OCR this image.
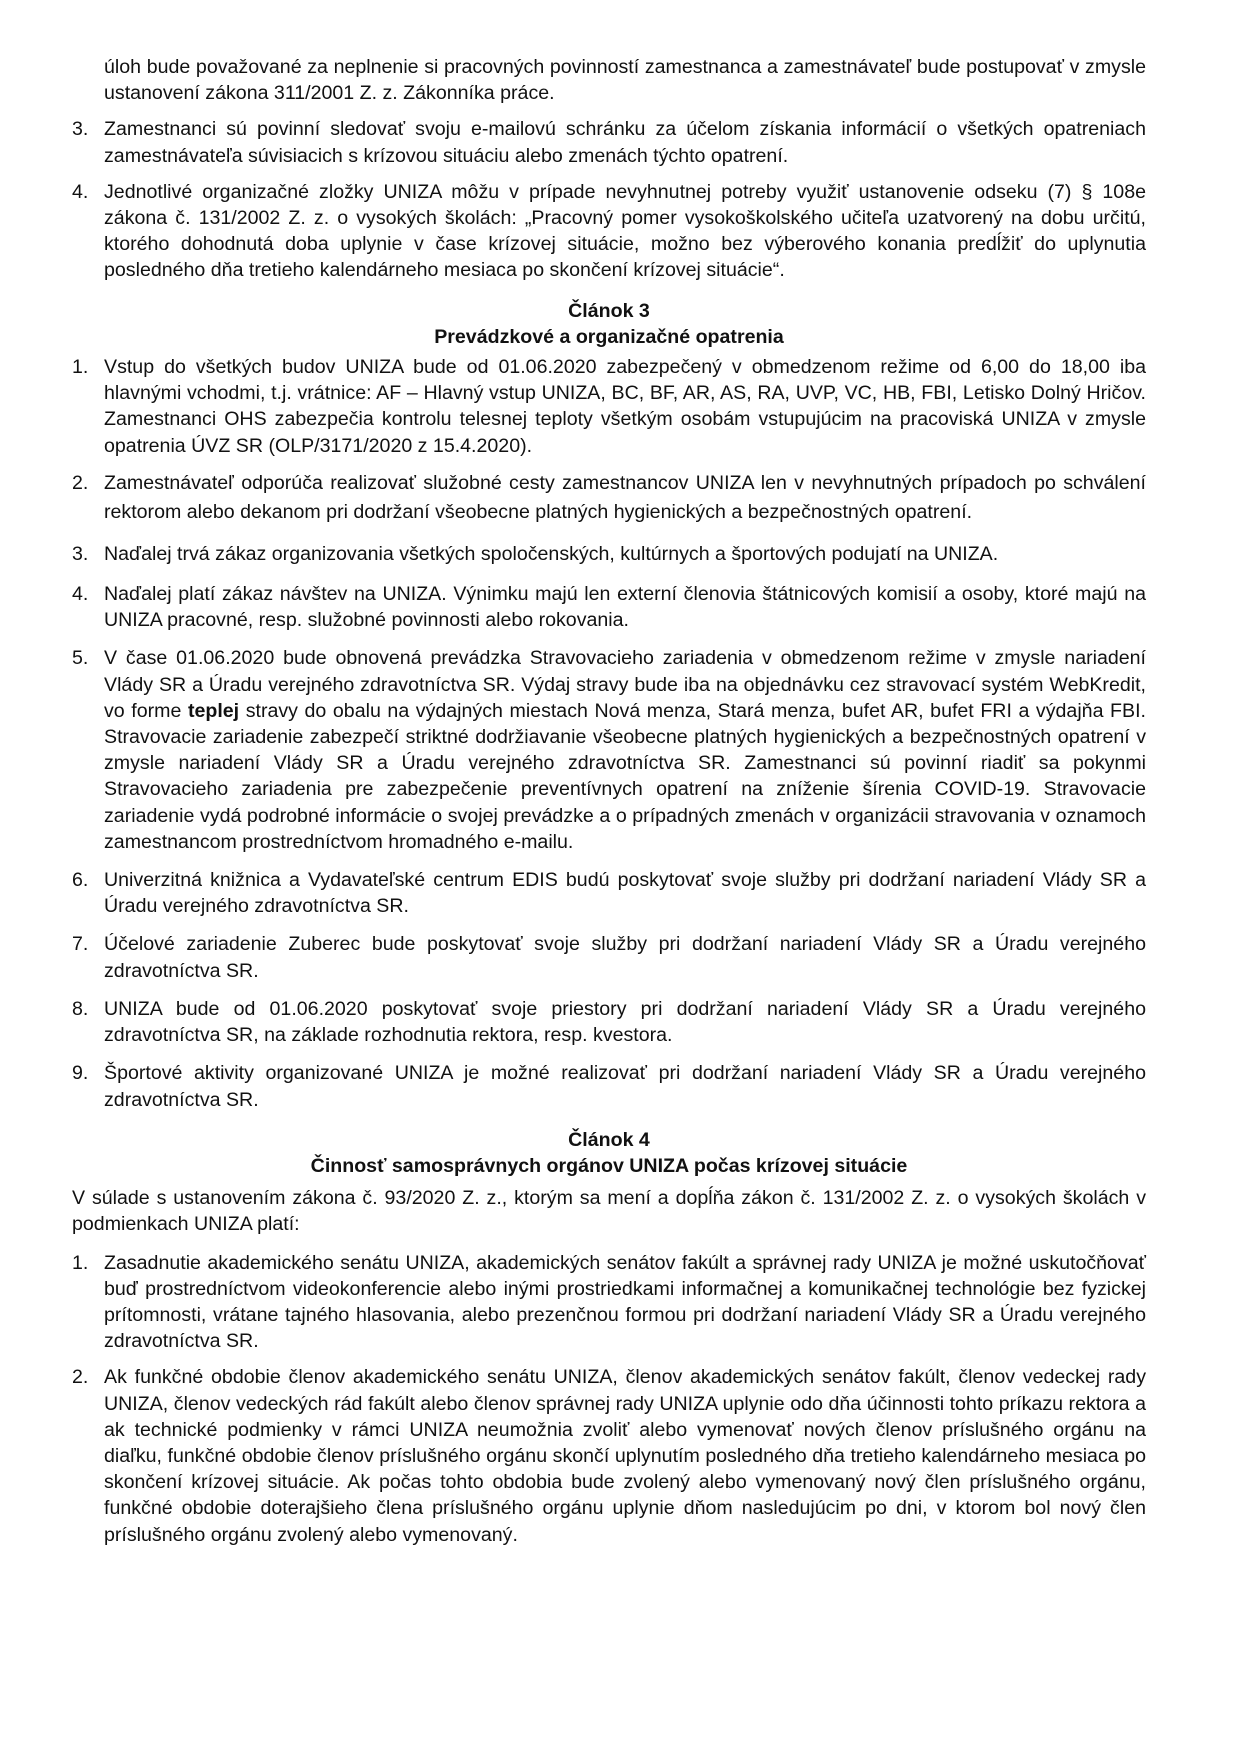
úloh bude považované za neplnenie si pracovných povinností zamestnanca a zamestnávateľ bude postupovať v zmysle ustanovení zákona 311/2001 Z. z. Zákonníka práce.

3. Zamestnanci sú povinní sledovať svoju e-mailovú schránku za účelom získania informácií o všetkých opatreniach zamestnávateľa súvisiacich s krízovou situáciu alebo zmenách týchto opatrení.
4. Jednotlivé organizačné zložky UNIZA môžu v prípade nevyhnutnej potreby využiť ustanovenie odseku (7) § 108e zákona č. 131/2002 Z. z. o vysokých školách: „Pracovný pomer vysokoškolského učiteľa uzatvorený na dobu určitú, ktorého dohodnutá doba uplynie v čase krízovej situácie, možno bez výberového konania predĺžiť do uplynutia posledného dňa tretieho kalendárneho mesiaca po skončení krízovej situácie“.

Článok 3

Prevádzkové a organizačné opatrenia

1. Vstup do všetkých budov UNIZA bude od 01.06.2020 zabezpečený v obmedzenom režime od 6,00 do 18,00 iba hlavnými vchodmi, t.j. vrátnice: AF – Hlavný vstup UNIZA, BC, BF, AR, AS, RA, UVP, VC, HB, FBI, Letisko Dolný Hričov. Zamestnanci OHS zabezpečia kontrolu telesnej teploty všetkým osobám vstupujúcim na pracoviská UNIZA v zmysle opatrenia ÚVZ SR (OLP/3171/2020 z 15.4.2020).
2. Zamestnávateľ odporúča realizovať služobné cesty zamestnancov UNIZA len v nevyhnutných prípadoch po schválení rektorom alebo dekanom pri dodržaní všeobecne platných hygienických a bezpečnostných opatrení.
3. Naďalej trvá zákaz organizovania všetkých spoločenských, kultúrnych a športových podujatí na UNIZA.
4. Naďalej platí zákaz návštev na UNIZA. Výnimku majú len externí členovia štátnicových komisií a osoby, ktoré majú na UNIZA pracovné, resp. služobné povinnosti alebo rokovania.
5. V čase 01.06.2020 bude obnovená prevádzka Stravovacieho zariadenia v obmedzenom režime v zmysle nariadení Vlády SR a Úradu verejného zdravotníctva SR. Výdaj stravy bude iba na objednávku cez stravovací systém WebKredit, vo forme teplej stravy do obalu na výdajných miestach Nová menza, Stará menza, bufet AR, bufet FRI a výdajňa FBI. Stravovacie zariadenie zabezpečí striktné dodržiavanie všeobecne platných hygienických a bezpečnostných opatrení v zmysle nariadení Vlády SR a Úradu verejného zdravotníctva SR. Zamestnanci sú povinní riadiť sa pokynmi Stravovacieho zariadenia pre zabezpečenie preventívnych opatrení na zníženie šírenia COVID-19. Stravovacie zariadenie vydá podrobné informácie o svojej prevádzke a o prípadných zmenách v organizácii stravovania v oznamoch zamestnancom prostredníctvom hromadného e-mailu.
6. Univerzitná knižnica a Vydavateľské centrum EDIS budú poskytovať svoje služby pri dodržaní nariadení Vlády SR a Úradu verejného zdravotníctva SR.
7. Účelové zariadenie Zuberec bude poskytovať svoje služby pri dodržaní nariadení Vlády SR a Úradu verejného zdravotníctva SR.
8. UNIZA bude od 01.06.2020 poskytovať svoje priestory pri dodržaní nariadení Vlády SR a Úradu verejného zdravotníctva SR, na základe rozhodnutia rektora, resp. kvestora.
9. Športové aktivity organizované UNIZA je možné realizovať pri dodržaní nariadení Vlády SR a Úradu verejného zdravotníctva SR.

Článok 4

Činnosť samosprávnych orgánov UNIZA počas krízovej situácie

V súlade s ustanovením zákona č. 93/2020 Z. z., ktorým sa mení a dopĺňa zákon č. 131/2002 Z. z. o vysokých školách v podmienkach UNIZA platí:

1. Zasadnutie akademického senátu UNIZA, akademických senátov fakúlt a správnej rady UNIZA je možné uskutočňovať buď prostredníctvom videokonferencie alebo inými prostriedkami informačnej a komunikačnej technológie bez fyzickej prítomnosti, vrátane tajného hlasovania, alebo prezenčnou formou pri dodržaní nariadení Vlády SR a Úradu verejného zdravotníctva SR.
2. Ak funkčné obdobie členov akademického senátu UNIZA, členov akademických senátov fakúlt, členov vedeckej rady UNIZA, členov vedeckých rád fakúlt alebo členov správnej rady UNIZA uplynie odo dňa účinnosti tohto príkazu rektora a ak technické podmienky v rámci UNIZA neumožnia zvoliť alebo vymenovať nových členov príslušného orgánu na diaľku, funkčné obdobie členov príslušného orgánu skončí uplynutím posledného dňa tretieho kalendárneho mesiaca po skončení krízovej situácie. Ak počas tohto obdobia bude zvolený alebo vymenovaný nový člen príslušného orgánu, funkčné obdobie doterajšieho člena príslušného orgánu uplynie dňom nasledujúcim po dni, v ktorom bol nový člen príslušného orgánu zvolený alebo vymenovaný.
